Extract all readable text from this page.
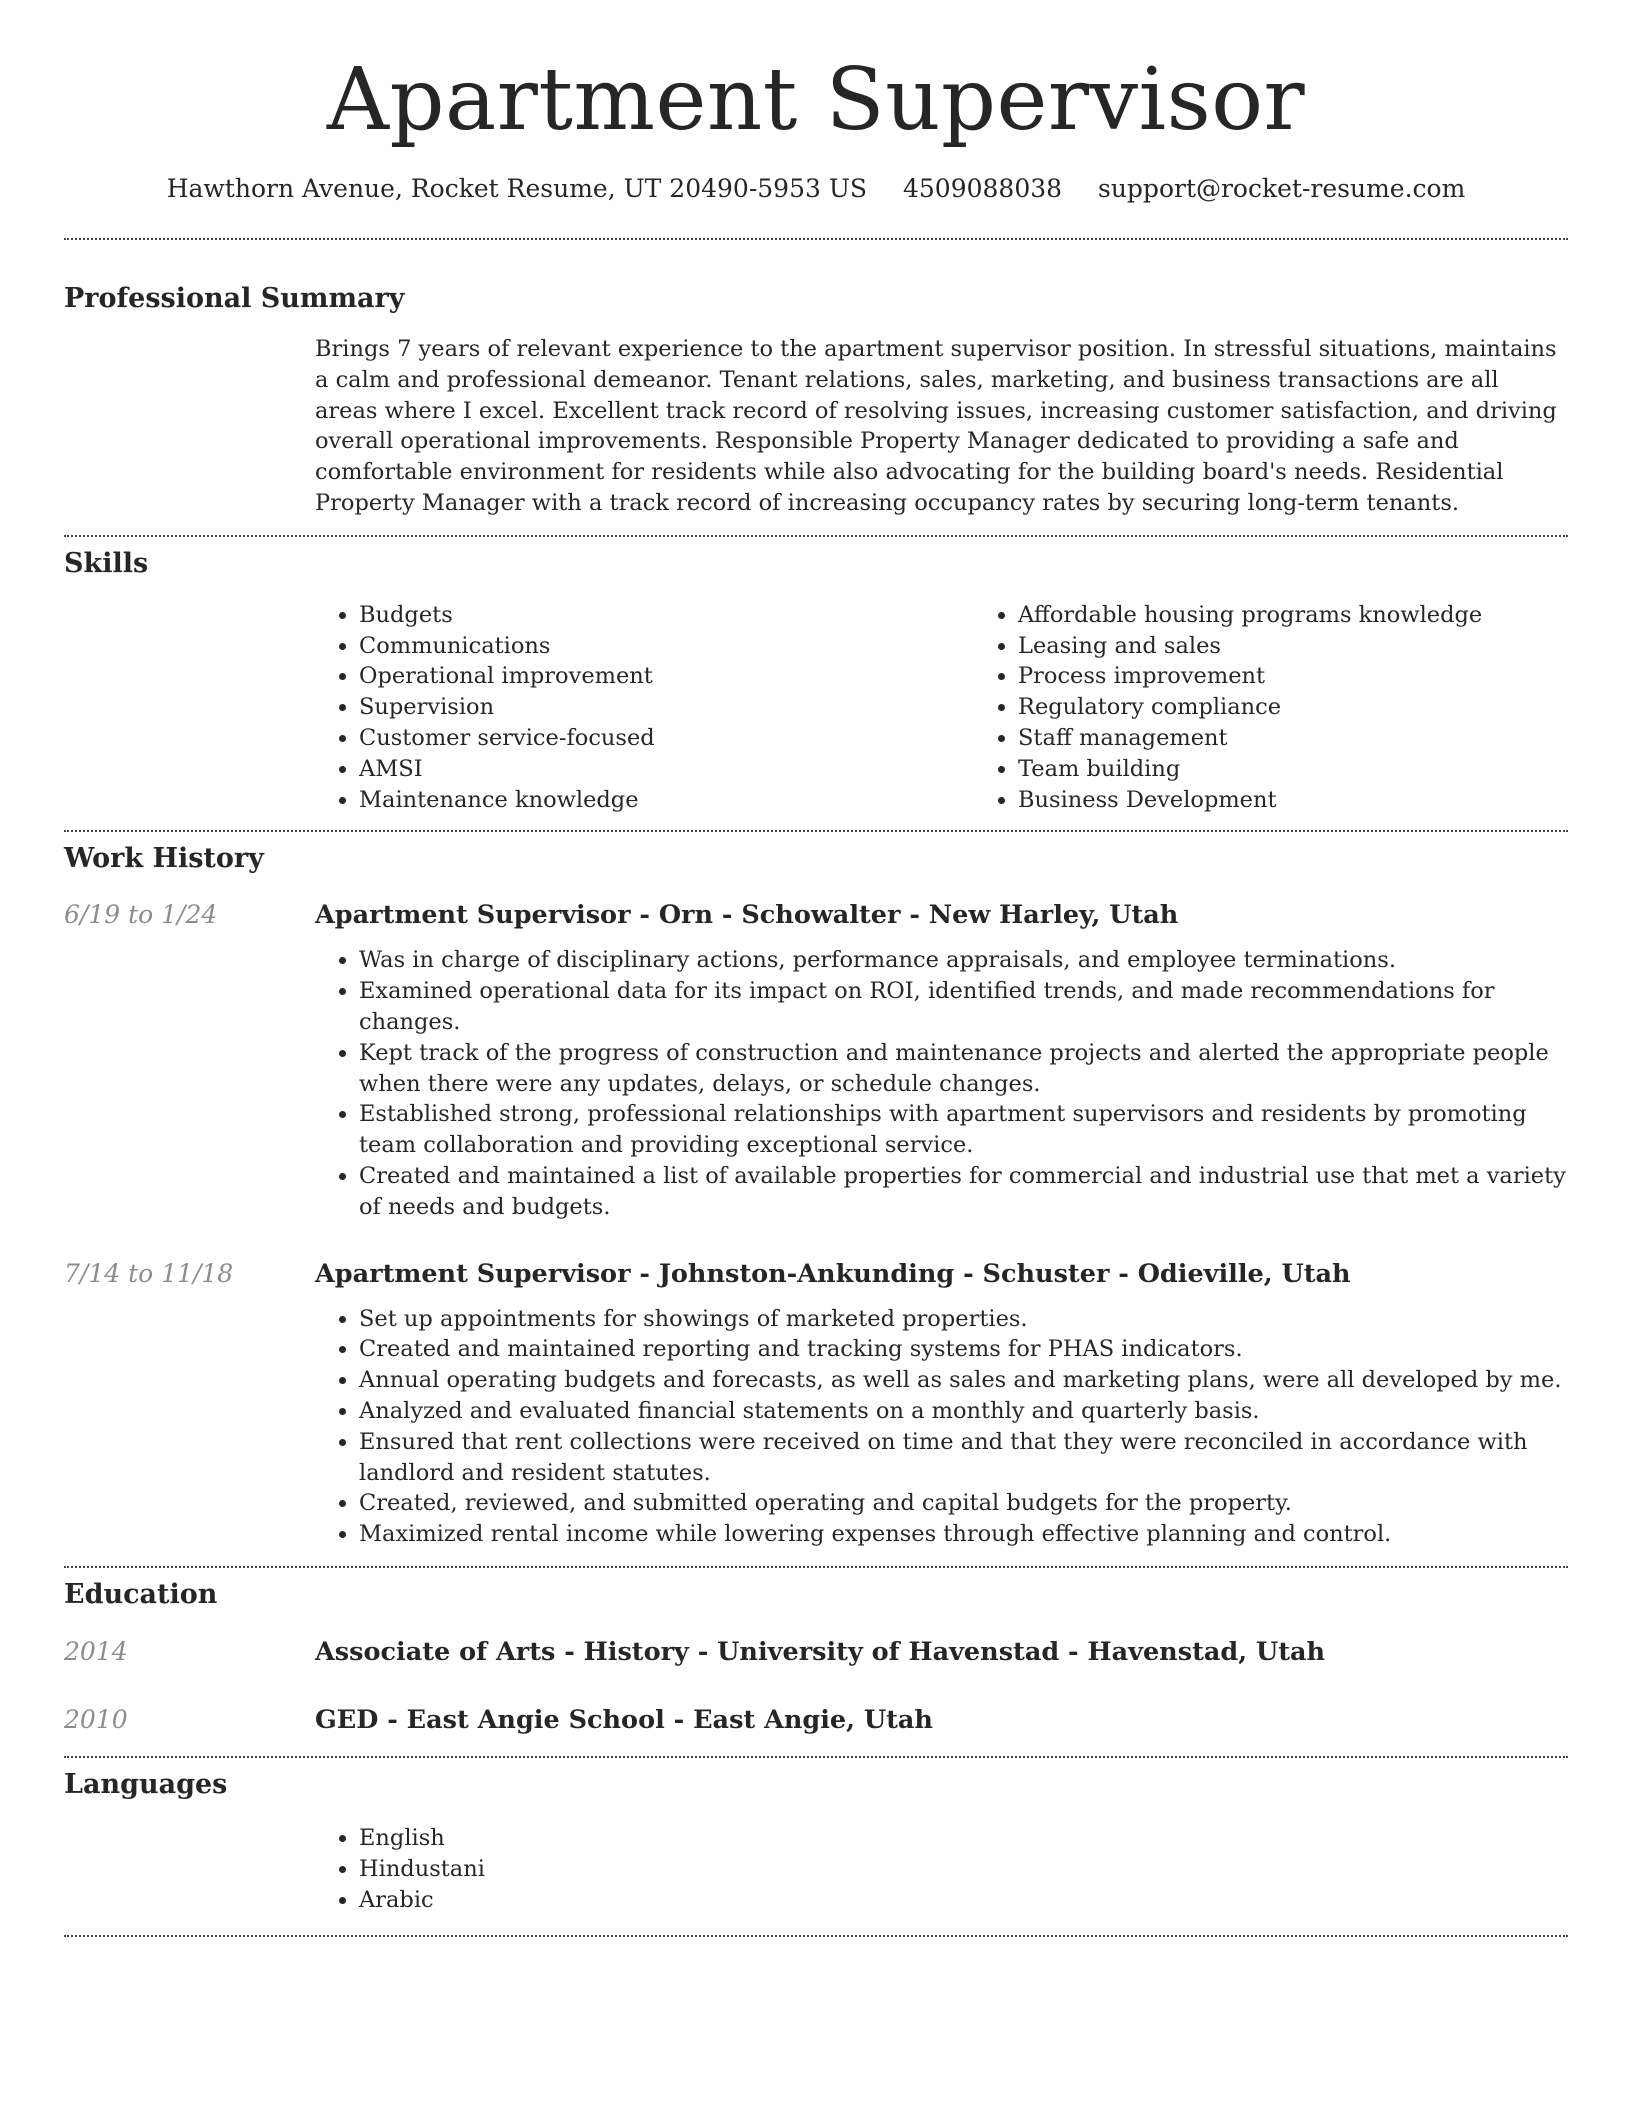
Apartment Supervisor
Hawthorn Avenue, Rocket Resume, UT 20490-5953 US 4509088038 support@rocket-resume.com
Professional Summary

Brings 7 years of relevant experience to the apartment supervisor position. In stressful situations, maintains a calm and professional demeanor. Tenant relations, sales, marketing, and business transactions are all areas where I excel. Excellent track record of resolving issues, increasing customer satisfaction, and driving overall operational improvements. Responsible Property Manager dedicated to providing a safe and comfortable environment for residents while also advocating for the building board's needs. Residential Property Manager with a track record of increasing occupancy rates by securing long-term tenants.

Skills
• Budgets
• Communications
• Operational improvement
• Supervision
• Customer service-focused
• AMSI
• Maintenance knowledge
• Affordable housing programs knowledge
• Leasing and sales
• Process improvement
• Regulatory compliance
• Staff management
• Team building
• Business Development
Work History
6/19 to 1/24	Apartment Supervisor - Orn - Schowalter - New Harley, Utah
• Was in charge of disciplinary actions, performance appraisals, and employee terminations.
• Examined operational data for its impact on ROI, identified trends, and made recommendations for changes.
• Kept track of the progress of construction and maintenance projects and alerted the appropriate people when there were any updates, delays, or schedule changes.
• Established strong, professional relationships with apartment supervisors and residents by promoting team collaboration and providing exceptional service.
• Created and maintained a list of available properties for commercial and industrial use that met a variety of needs and budgets.
7/14 to 11/18	Apartment Supervisor - Johnston-Ankunding - Schuster - Odieville, Utah
• Set up appointments for showings of marketed properties.
• Created and maintained reporting and tracking systems for PHAS indicators.
• Annual operating budgets and forecasts, as well as sales and marketing plans, were all developed by me.
• Analyzed and evaluated financial statements on a monthly and quarterly basis.
• Ensured that rent collections were received on time and that they were reconciled in accordance with landlord and resident statutes.
• Created, reviewed, and submitted operating and capital budgets for the property.
• Maximized rental income while lowering expenses through effective planning and control.
Education
2014	Associate of Arts - History - University of Havenstad - Havenstad, Utah
2010	GED - East Angie School - East Angie, Utah
Languages
• English
• Hindustani
• Arabic
